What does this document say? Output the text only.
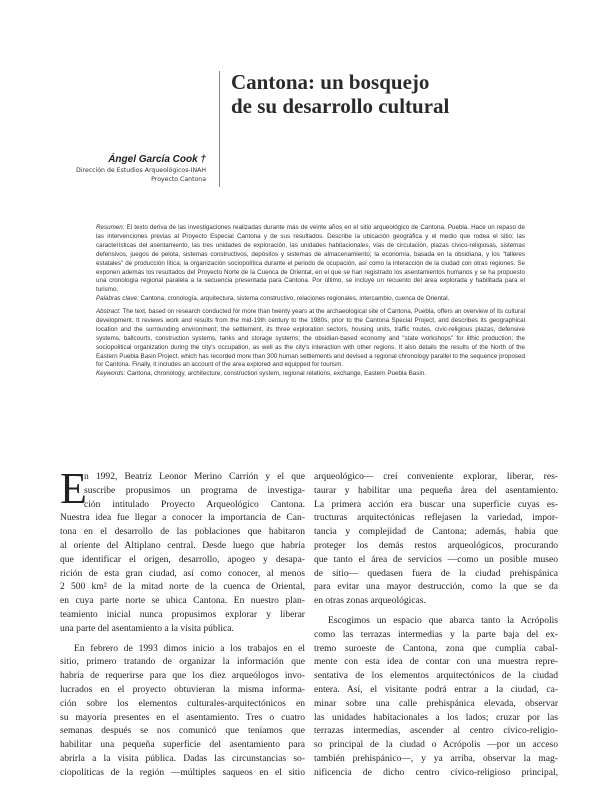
Cantona: un bosquejo
de su desarrollo cultural
Ángel García Cook †
Dirección de Estudios Arqueológicos-INAH
Proyecto Cantona
Resumen: El texto deriva de las investigaciones realizadas durante más de veinte años en el sitio arqueológico de Cantona, Puebla. Hace un repaso de las intervenciones previas al Proyecto Especial Cantona y de sus resultados. Describe la ubicación geográfica y el medio que rodea el sitio; las características del asentamiento, las tres unidades de exploración, las unidades habitacionales, vías de circulación, plazas cívico-religiosas, sistemas defensivos, juegos de pelota, sistemas constructivos, depósitos y sistemas de almacenamiento; la economía, basada en la obsidiana, y los "talleres estatales" de producción lítica; la organización sociopolítica durante el periodo de ocupación, así como la interacción de la ciudad con otras regiones. Se exponen además los resultados del Proyecto Norte de la Cuenca de Oriental, en el que se han registrado los asentamientos humanos y se ha propuesto una cronología regional paralela a la secuencia presentada para Cantona. Por último, se incluye un recuento del área explorada y habilitada para el turismo.
Palabras clave: Cantona, cronología, arquitectura, sistema constructivo, relaciones regionales, intercambio, cuenca de Oriental.
Abstract: The text, based on research conducted for more than twenty years at the archaeological site of Cantona, Puebla, offers an overview of its cultural development. It reviews work and results from the mid-19th century to the 1980s, prior to the Cantona Special Project, and describes its geographical location and the surrounding environment; the settlement, its three exploration sectors, housing units, traffic routes, civic-religious plazas, defensive systems, ballcourts, construction systems, tanks and storage systems; the obsidian-based economy and "state workshops" for lithic production; the sociopolitical organization during the city's occupation, as well as the city's interaction with other regions. It also details the results of the North of the Eastern Puebla Basin Project, which has recorded more than 300 human settlements and devised a regional chronology parallel to the sequence proposed for Cantona. Finally, it includes an account of the area explored and equipped for tourism.
Keywords: Cantona, chronology, architecture, construction system, regional relations, exchange, Eastern Puebla Basin.
E
n 1992, Beatriz Leonor Merino Carrión y el que
suscribe propusimos un programa de investiga-
ción intitulado Proyecto Arqueológico Cantona.
Nuestra idea fue llegar a conocer la importancia de Can-
tona en el desarrollo de las poblaciones que habitaron
al oriente del Altiplano central. Desde luego que habría
que identificar el origen, desarrollo, apogeo y desapa-
rición de esta gran ciudad, así como conocer, al menos
2 500 km² de la mitad norte de la cuenca de Oriental,
en cuya parte norte se ubica Cantona. En nuestro plan-
teamiento inicial nunca propusimos explorar y liberar
una parte del asentamiento a la visita pública.
En febrero de 1993 dimos inicio a los trabajos en el
sitio, primero tratando de organizar la información que
habría de requerirse para que los diez arqueólogos invo-
lucrados en el proyecto obtuvieran la misma informa-
ción sobre los elementos culturales-arquitectónicos en
su mayoría presentes en el asentamiento. Tres o cuatro
semanas después se nos comunicó que teníamos que
habilitar una pequeña superficie del asentamiento para
abrirla a la visita pública. Dadas las circunstancias so-
ciopolíticas de la región —múltiples saqueos en el sitio
arqueológico— creí conveniente explorar, liberar, res-
taurar y habilitar una pequeña área del asentamiento.
La primera acción era buscar una superficie cuyas es-
tructuras arquitectónicas reflejasen la variedad, impor-
tancia y complejidad de Cantona; además, habia que
proteger los demás restos arqueológicos, procurando
que tanto el área de servicios —como un posible museo
de sitio— quedasen fuera de la ciudad prehispánica
para evitar una mayor destrucción, como la que se da
en otras zonas arqueológicas.
Escogimos un espacio que abarca tanto la Acrópolis
como las terrazas intermedias y la parte baja del ex-
tremo suroeste de Cantona, zona que cumplía cabal-
mente con esta idea de contar con una muestra repre-
sentativa de los elementos arquitectónicos de la ciudad
entera. Así, el visitante podrá entrar a la ciudad, ca-
minar sobre una calle prehispánica elevada, observar
las unidades habitacionales a los lados; cruzar por las
terrazas intermedias, ascender al centro cívico-religio-
so principal de la ciudad o Acrópolis —por un acceso
también prehispánico—, y ya arriba, observar la mag-
nificencia de dicho centro cívico-religioso principal,
